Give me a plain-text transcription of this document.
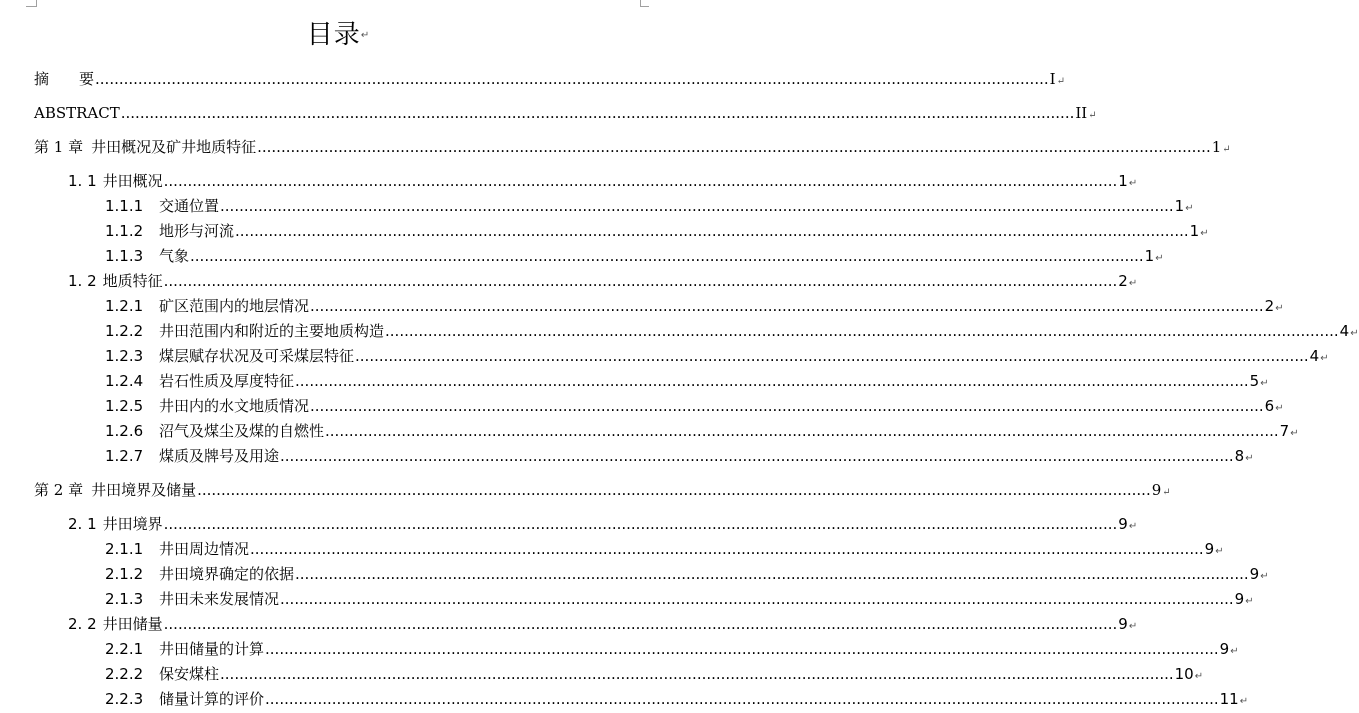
目录↵
摘　　要 ........................................................................................................................................................................................................ I ↵
ABSTRACT ........................................................................................................................................................................................................ II ↵
第 1 章 井田概况及矿井地质特征 ........................................................................................................................................................................................................ 1 ↵
1. 1 井田概况 ........................................................................................................................................................................................................ 1 ↵
1.1.1 交通位置 ........................................................................................................................................................................................................ 1 ↵
1.1.2 地形与河流 ........................................................................................................................................................................................................ 1 ↵
1.1.3 气象 ........................................................................................................................................................................................................ 1 ↵
1. 2 地质特征 ........................................................................................................................................................................................................ 2 ↵
1.2.1 矿区范围内的地层情况 ........................................................................................................................................................................................................ 2 ↵
1.2.2 井田范围内和附近的主要地质构造 ........................................................................................................................................................................................................ 4 ↵
1.2.3 煤层赋存状况及可采煤层特征 ........................................................................................................................................................................................................ 4 ↵
1.2.4 岩石性质及厚度特征 ........................................................................................................................................................................................................ 5 ↵
1.2.5 井田内的水文地质情况 ........................................................................................................................................................................................................ 6 ↵
1.2.6 沼气及煤尘及煤的自燃性 ........................................................................................................................................................................................................ 7 ↵
1.2.7 煤质及牌号及用途 ........................................................................................................................................................................................................ 8 ↵
第 2 章 井田境界及储量 ........................................................................................................................................................................................................ 9 ↵
2. 1 井田境界 ........................................................................................................................................................................................................ 9 ↵
2.1.1 井田周边情况 ........................................................................................................................................................................................................ 9 ↵
2.1.2 井田境界确定的依据 ........................................................................................................................................................................................................ 9 ↵
2.1.3 井田未来发展情况 ........................................................................................................................................................................................................ 9 ↵
2. 2 井田储量 ........................................................................................................................................................................................................ 9 ↵
2.2.1 井田储量的计算 ........................................................................................................................................................................................................ 9 ↵
2.2.2 保安煤柱 ........................................................................................................................................................................................................ 10 ↵
2.2.3 储量计算的评价 ........................................................................................................................................................................................................ 11 ↵
